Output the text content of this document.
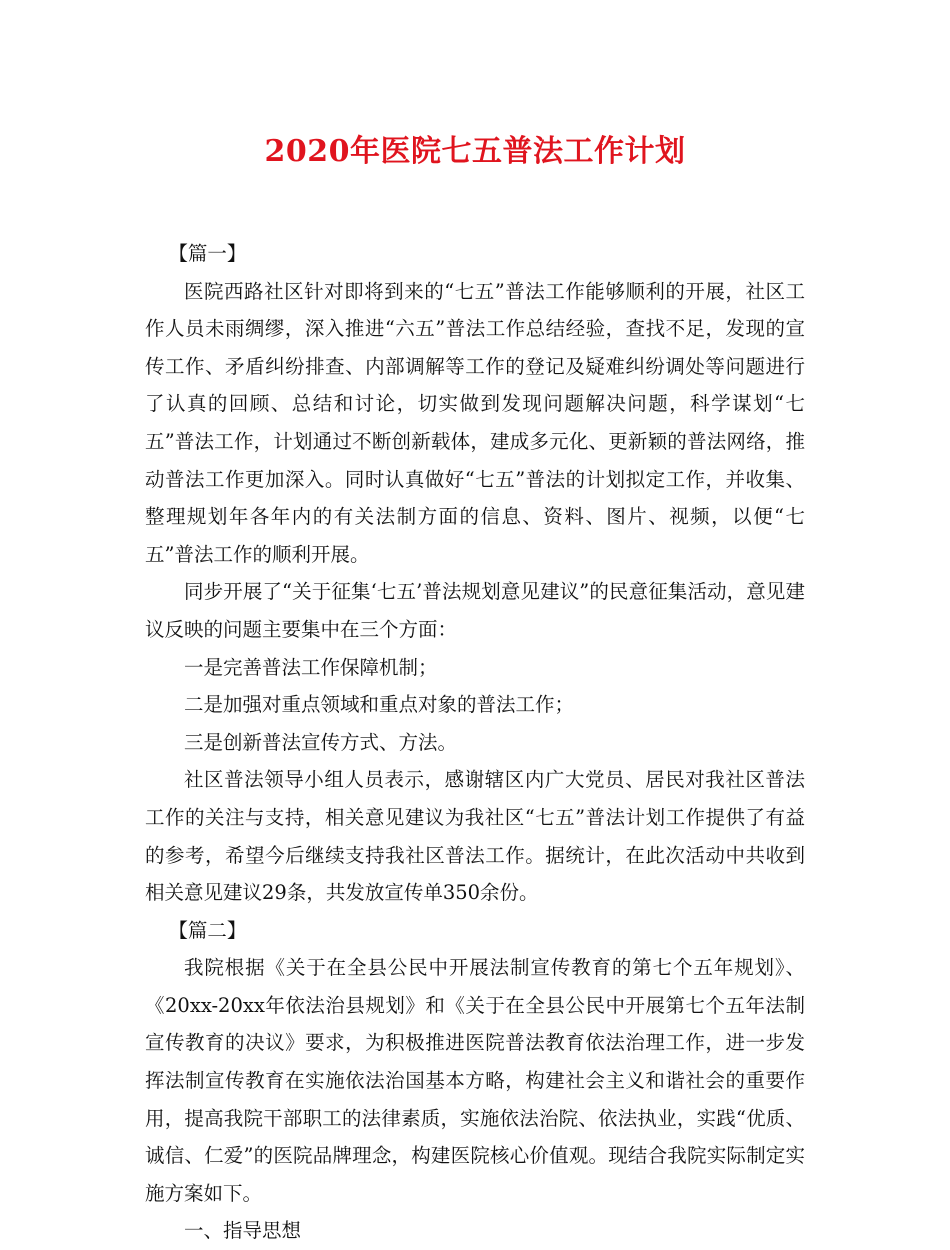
2020年医院七五普法工作计划

【篇一】

医院西路社区针对即将到来的“七五”普法工作能够顺利的开展，社区工作人员未雨绸缪，深入推进“六五”普法工作总结经验，查找不足，发现的宣传工作、矛盾纠纷排查、内部调解等工作的登记及疑难纠纷调处等问题进行了认真的回顾、总结和讨论，切实做到发现问题解决问题，科学谋划“七五”普法工作，计划通过不断创新载体，建成多元化、更新颖的普法网络，推动普法工作更加深入。同时认真做好“七五”普法的计划拟定工作，并收集、整理规划年各年内的有关法制方面的信息、资料、图片、视频，以便“七五”普法工作的顺利开展。

同步开展了“关于征集‘七五’普法规划意见建议”的民意征集活动，意见建议反映的问题主要集中在三个方面：

一是完善普法工作保障机制；

二是加强对重点领域和重点对象的普法工作；

三是创新普法宣传方式、方法。

社区普法领导小组人员表示，感谢辖区内广大党员、居民对我社区普法工作的关注与支持，相关意见建议为我社区“七五”普法计划工作提供了有益的参考，希望今后继续支持我社区普法工作。据统计，在此次活动中共收到相关意见建议29条，共发放宣传单350余份。

【篇二】

我院根据《关于在全县公民中开展法制宣传教育的第七个五年规划》、《20xx-20xx年依法治县规划》和《关于在全县公民中开展第七个五年法制宣传教育的决议》要求，为积极推进医院普法教育依法治理工作，进一步发挥法制宣传教育在实施依法治国基本方略，构建社会主义和谐社会的重要作用，提高我院干部职工的法律素质，实施依法治院、依法执业，实践“优质、诚信、仁爱”的医院品牌理念，构建医院核心价值观。现结合我院实际制定实施方案如下。

一、指导思想
